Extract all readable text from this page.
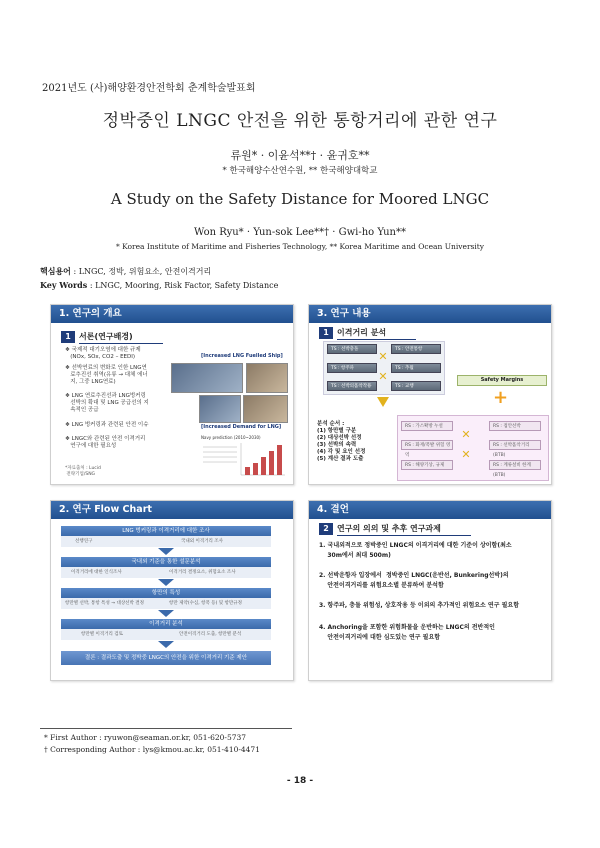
2021년도 (사)해양환경안전학회 춘계학술발표회
정박중인 LNGC 안전을 위한 통항거리에 관한 연구
류원* · 이윤석**† · 윤귀호**
* 한국해양수산연수원, ** 한국해양대학교
A Study on the Safety Distance for Moored LNGC
Won Ryu* · Yun-sok Lee**† · Gwi-ho Yun**
* Korea Institute of Maritime and Fisheries Technology, ** Korea Maritime and Ocean University
핵심용어 : LNGC, 정박, 위험요소, 안전이격거리
Key Words : LNGC, Mooring, Risk Factor, Safety Distance
1. 연구의 개요
1 서론(연구배경)
❖ 국제적 대기오염에 대한 규제
(NOx, SOx, CO2 – EEDI)
❖ 선박연료의 변화로 인한 LNG연
료추진선 취역(유류 → 대체 에너
지, 그중 LNG연료)
❖ LNG 연료추진선과 LNG벙커링
선박의 확대 및 LNG 공급선의 지
속적인 공급
❖ LNG 벙커링과 관련된 안전 이슈
❖ LNGC와 관련된 안전 이격거리
연구에 대한 필요성
*자료출처 : Lucid
전략기업/SNG
[Increased LNG Fuelled Ship]
[Increased Demand for LNG]
Navy prediction (2010~2030)
3. 연구 내용
1 이격거리 분석
TS : 선박충돌
TS : 항주파
TS : 선박의흡착작용
TS : 안전통항
TS : 추월
TS : 교행
✕
✕	Safety Margins
+
분석 순서 :
(1) 항만별 구분
(2) 대상선박 선정
(3) 선박의 속력
(4) 각 및 요인 선정
(5) 계산 결과 도출
RS : 가스확방 누설
RS : 화재/폭발 위험 영역
RS : 해양기상, 규제
RS : 접안선박
RS : 선박흡착거리(BTB)
RS : 계류설비 한계(BTB)
✕
✕
2. 연구 Flow Chart
LNG 벙커링과 이격거리에 대한 조사
선행연구	국내외 이격거리 조사
국내외 기준을 통한 설문분석
이격거리에 대한 인식조사	이격거리 결정요소, 위험요소 조사
항만의 특성
항만별 선박, 통항 특성 → 대상선박 결정	항만 제약(수심, 항폭 등) 및 항만규정
이격거리 분석
항만별 이격거리 검토	안전이격거리 도출, 항만별 분석
결론 : 결과도출 및 정박중 LNGC의 안전을 위한 이격거리 기준 제안
4. 결언
2 연구의 의의 및 추후 연구과제
1. 국내외적으로 정박중인 LNGC의 이격거리에 대한 기준이 상이함(최소
30m에서 최대 500m)
2. 선박운항자 입장에서  정박중인 LNGC(운반선, Bunkering선박)의
안전이격거리를 위험요소별 분류하여 분석함
3. 항주파, 충돌 위험성, 상호작용 등 이외의 추가적인 위험요소 연구 필요함
4. Anchoring을 포함한 위험화물을 운반하는 LNGC의 전반적인
안전이격거리에 대한 심도있는 연구 필요함
* First Author : ryuwon@seaman.or.kr, 051-620-5737
† Corresponding Author : lys@kmou.ac.kr, 051-410-4471
- 18 -
